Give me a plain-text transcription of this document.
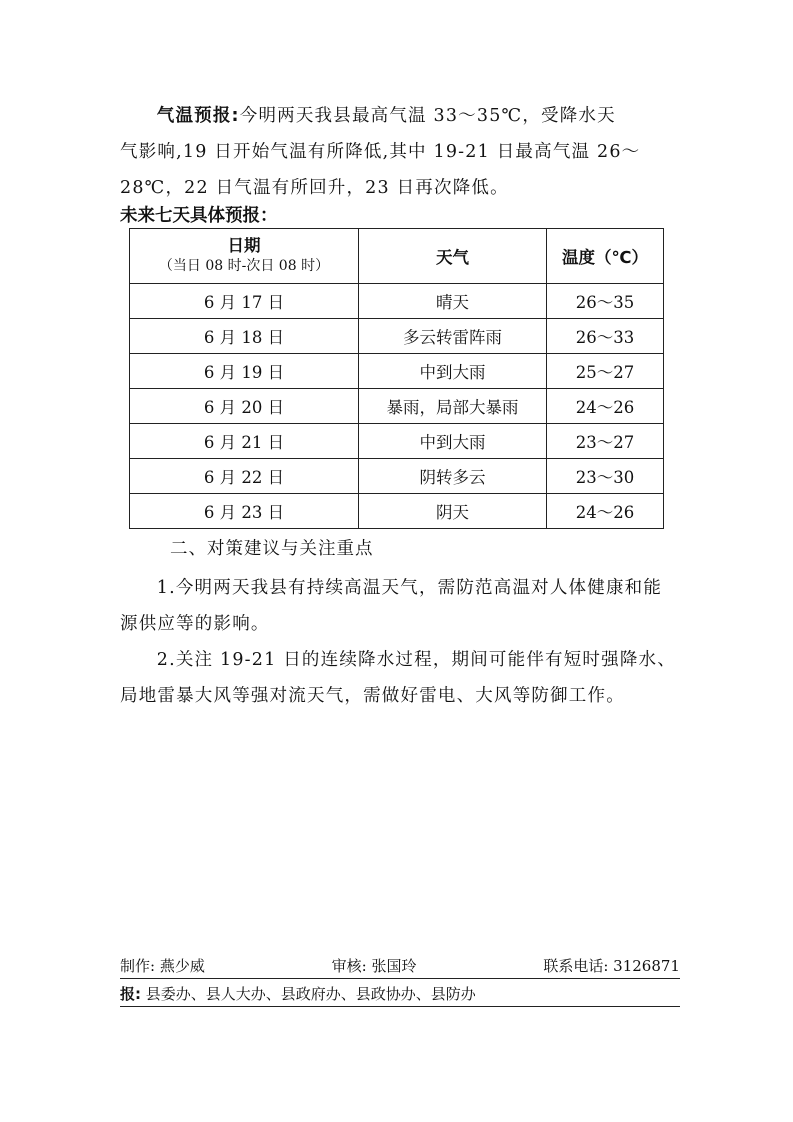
气温预报:今明两天我县最高气温 33～35℃，受降水天
气影响,19 日开始气温有所降低,其中 19-21 日最高气温 26～
28℃，22 日气温有所回升，23 日再次降低。
未来七天具体预报：
日期
（当日 08 时-次日 08 时）	天气	温度（℃）
6 月 17 日	晴天	26～35
6 月 18 日	多云转雷阵雨	26～33
6 月 19 日	中到大雨	25～27
6 月 20 日	暴雨，局部大暴雨	24～26
6 月 21 日	中到大雨	23～27
6 月 22 日	阴转多云	23～30
6 月 23 日	阴天	24～26
二、对策建议与关注重点
1.今明两天我县有持续高温天气，需防范高温对人体健康和能源供应等的影响。
2.关注 19-21 日的连续降水过程，期间可能伴有短时强降水、局地雷暴大风等强对流天气，需做好雷电、大风等防御工作。
制作: 燕少威	审核: 张国玲	联系电话: 3126871
报: 县委办、县人大办、县政府办、县政协办、县防办
